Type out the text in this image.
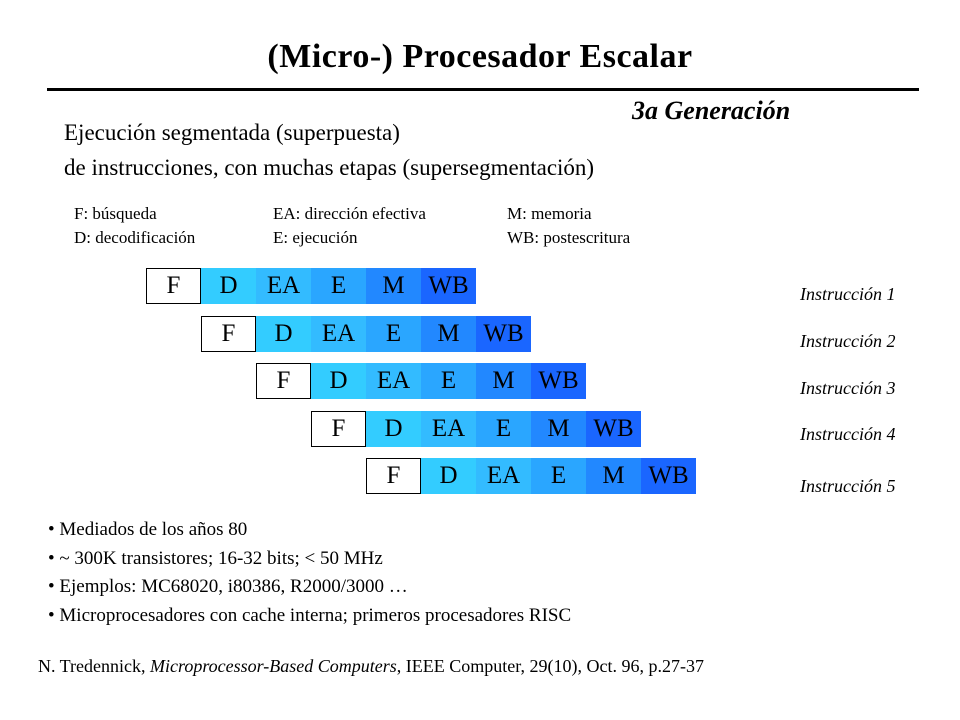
(Micro-) Procesador Escalar
3a Generación
Ejecución segmentada (superpuesta)
de instrucciones, con muchas etapas (supersegmentación)
F: búsqueda
D: decodificación
EA: dirección efectiva
E: ejecución
M: memoria
WB: postescritura
F	D	EA	E	M WB
F	D	EA	E	M WB
F	D	EA	E	M WB
F	D	EA	E	M WB
F	D	EA	E	M WB
Instrucción 1
Instrucción 2
Instrucción 3
Instrucción 4
Instrucción 5
• Mediados de los años 80
• ~ 300K transistores; 16-32 bits; < 50 MHz
• Ejemplos: MC68020, i80386, R2000/3000 …
• Microprocesadores con cache interna; primeros procesadores RISC
N. Tredennick, Microprocessor-Based Computers, IEEE Computer, 29(10), Oct. 96, p.27-37
